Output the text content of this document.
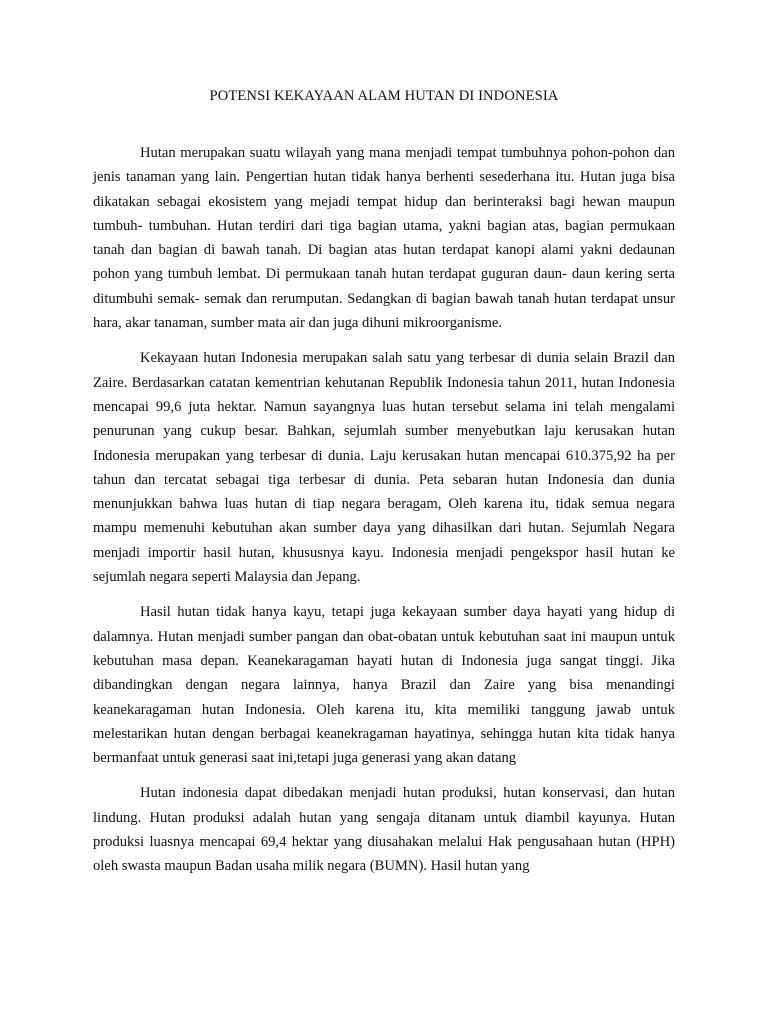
POTENSI KEKAYAAN ALAM HUTAN DI INDONESIA

Hutan merupakan suatu wilayah yang mana menjadi tempat tumbuhnya pohon-pohon dan jenis tanaman yang lain. Pengertian hutan tidak hanya berhenti sesederhana itu. Hutan juga bisa dikatakan sebagai ekosistem yang mejadi tempat hidup dan berinteraksi bagi hewan maupun tumbuh- tumbuhan. Hutan terdiri dari tiga bagian utama, yakni bagian atas, bagian permukaan tanah dan bagian di bawah tanah. Di bagian atas hutan terdapat kanopi alami yakni dedaunan pohon yang tumbuh lembat. Di permukaan tanah hutan terdapat guguran daun- daun kering serta ditumbuhi semak- semak dan rerumputan. Sedangkan di bagian bawah tanah hutan terdapat unsur hara, akar tanaman, sumber mata air dan juga dihuni mikroorganisme.

Kekayaan hutan Indonesia merupakan salah satu yang terbesar di dunia selain Brazil dan Zaire. Berdasarkan catatan kementrian kehutanan Republik Indonesia tahun 2011, hutan Indonesia mencapai 99,6 juta hektar. Namun sayangnya luas hutan tersebut selama ini telah mengalami penurunan yang cukup besar. Bahkan, sejumlah sumber menyebutkan laju kerusakan hutan Indonesia merupakan yang terbesar di dunia. Laju kerusakan hutan mencapai 610.375,92 ha per tahun dan tercatat sebagai tiga terbesar di dunia. Peta sebaran hutan Indonesia dan dunia menunjukkan bahwa luas hutan di tiap negara beragam, Oleh karena itu, tidak semua negara mampu memenuhi kebutuhan akan sumber daya yang dihasilkan dari hutan. Sejumlah Negara menjadi importir hasil hutan, khususnya kayu. Indonesia menjadi pengekspor hasil hutan ke sejumlah negara seperti Malaysia dan Jepang.

Hasil hutan tidak hanya kayu, tetapi juga kekayaan sumber daya hayati yang hidup di dalamnya. Hutan menjadi sumber pangan dan obat-obatan untuk kebutuhan saat ini maupun untuk kebutuhan masa depan. Keanekaragaman hayati hutan di Indonesia juga sangat tinggi. Jika dibandingkan dengan negara lainnya, hanya Brazil dan Zaire yang bisa menandingi keanekaragaman hutan Indonesia. Oleh karena itu, kita memiliki tanggung jawab untuk melestarikan hutan dengan berbagai keanekragaman hayatinya, sehingga hutan kita tidak hanya bermanfaat untuk generasi saat ini,tetapi juga generasi yang akan datang

Hutan indonesia dapat dibedakan menjadi hutan produksi, hutan konservasi, dan hutan lindung. Hutan produksi adalah hutan yang sengaja ditanam untuk diambil kayunya. Hutan produksi luasnya mencapai 69,4 hektar yang diusahakan melalui Hak pengusahaan hutan (HPH) oleh swasta maupun Badan usaha milik negara (BUMN). Hasil hutan yang
